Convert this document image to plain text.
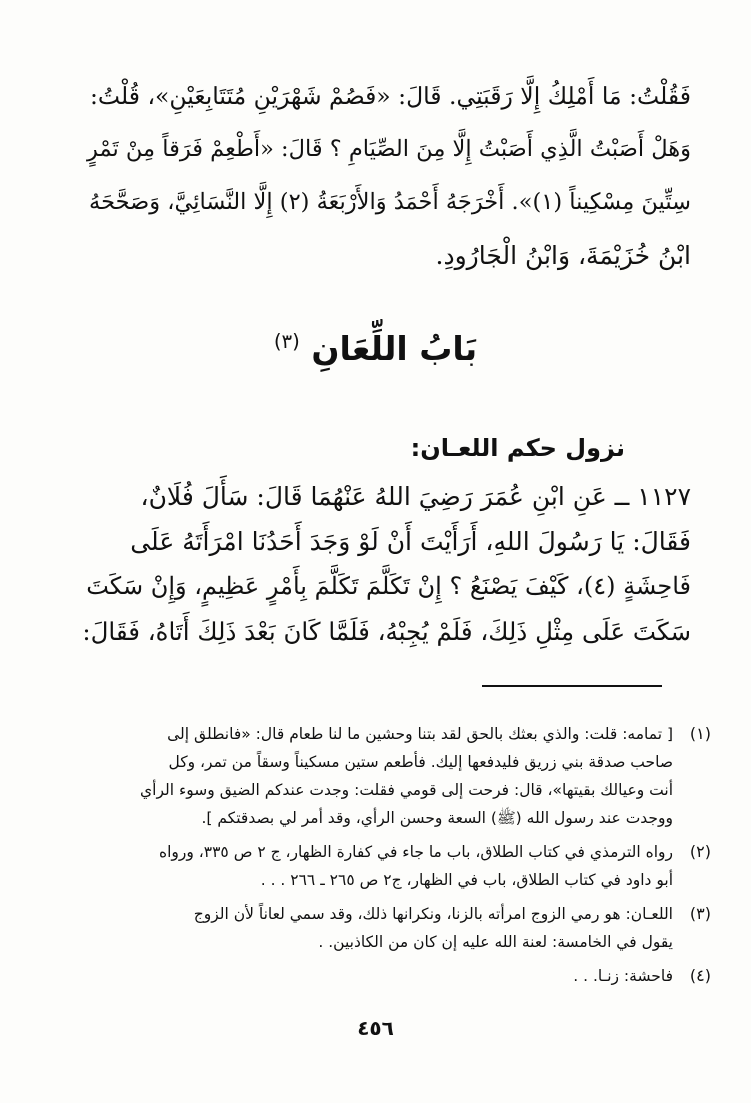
فَقُلْتُ: مَا أَمْلِكُ إِلَّا رَقَبَتِي. قَالَ: «فَصُمْ شَهْرَيْنِ مُتَتَابِعَيْنِ»، قُلْتُ:
وَهَلْ أَصَبْتُ الَّذِي أَصَبْتُ إِلَّا مِنَ الصِّيَامِ ؟ قَالَ: «أَطْعِمْ فَرَقاً مِنْ تَمْرٍ
سِتِّينَ مِسْكِيناً (١)». أَخْرَجَهُ أَحْمَدُ وَالأَرْبَعَةُ (٢) إِلَّا النَّسَائِيَّ، وَصَحَّحَهُ
ابْنُ خُزَيْمَةَ، وَابْنُ الْجَارُودِ.
بَابُ اللِّعَانِ $^{(٣)}$
نزول حكم اللعـان:
١١٢٧ ــ عَنِ ابْنِ عُمَرَ رَضِيَ اللهُ عَنْهُمَا قَالَ: سَأَلَ فُلَانٌ،
فَقَالَ: يَا رَسُولَ اللهِ، أَرَأَيْتَ أَنْ لَوْ وَجَدَ أَحَدُنَا امْرَأَتَهُ عَلَى
فَاحِشَةٍ (٤)، كَيْفَ يَصْنَعُ ؟ إِنْ تَكَلَّمَ تَكَلَّمَ بِأَمْرٍ عَظِيمٍ، وَإِنْ سَكَتَ
سَكَتَ عَلَى مِثْلِ ذَلِكَ، فَلَمْ يُجِبْهُ، فَلَمَّا كَانَ بَعْدَ ذَلِكَ أَتَاهُ، فَقَالَ:
(١)
[ تمامه: قلت: والذي بعثك بالحق لقد بتنا وحشين ما لنا طعام قال: «فانطلق إلى
صاحب صدقة بني زريق فليدفعها إليك. فأطعم ستين مسكيناً وسقاً من تمر، وكل
أنت وعيالك بقيتها»، قال: فرحت إلى قومي فقلت: وجدت عندكم الضيق وسوء الرأي
ووجدت عند رسول الله (ﷺ) السعة وحسن الرأي، وقد أمر لي بصدقتكم ].
(٢)
رواه الترمذي في كتاب الطلاق، باب ما جاء في كفارة الظهار، ج ٢ ص ٣٣٥، ورواه
أبو داود في كتاب الطلاق، باب في الظهار، ج٢ ص ٢٦٥ ـ ٢٦٦ . . .
(٣)
اللعـان: هو رمي الزوج امرأته بالزنا، ونكرانها ذلك، وقد سمي لعاناً لأن الزوج
يقول في الخامسة: لعنة الله عليه إن كان من الكاذبين. .
(٤)
فاحشة: زنـا. . .
٤٥٦
